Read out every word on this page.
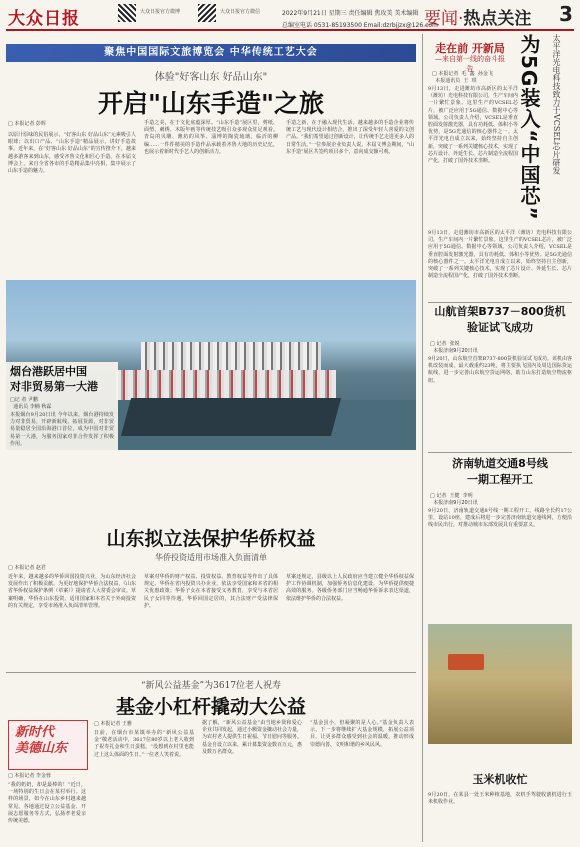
大众日报	大众日报官方微博	大众日报官方微信	2022年9月21日 星期三 责任编辑 焦玫美 美术编辑
总编室电话 0531-85193500 Email:dzrbjjzx@126.com
要闻·热点关注 3
聚焦中国国际文旅博览会 中华传统工艺大会
体验"好客山东 好品山东"
开启"山东手造"之旅
□ 本报记者 彭辉
以原汁原味的民俗展示，“好客山东 好品山东”元素吸引人眼球；以出口产品、“山东手造”精品展示，讲好手造故事。近年来，在“好客山东 好品山东”的宣传推介下，越来越多游客来到山东，感受齐鲁文化和匠心手造。在本届文博会上，来自全省各市的手造精品集中亮相，集中展示了山东手造的魅力。
手造之美，在于文化底蕴深厚。“山东手造”展区里，剪纸、面塑、刺绣、木版年画等传统技艺吸引众多观众驻足观看。青岛的贝雕、潍坊的风筝、淄博的陶瓷琉璃、临沂的柳编……一件件精美的手造作品承载着齐鲁大地的历史记忆，也展示着新时代手艺人的创新活力。
手造之新，在于融入现代生活。越来越多的手造企业将传统工艺与现代设计相结合，推出了深受年轻人喜爱的文创产品。“我们希望通过创新设计，让传统手艺走进更多人的日常生活。”一位参展企业负责人说。本届文博会期间，“山东手造”展区共签约项目多个，意向成交额可观。
烟台港跃居中国
对非贸易第一大港
□记 者 尹鹏
通讯员 李楠 秋霖
本报烟台9月20日讯 今年以来，烟台港持续发力对非贸易，开辟新航线，拓展货源，对非贸易量稳居全国沿海港口首位，成为中国对非贸易第一大港，为服务国家对非合作发挥了积极作用。
山东拟立法保护华侨权益
华侨投资适用市场准入负面清单
□ 本报记者 赵君
近年来，越来越多的华侨回国投资兴业，为山东经济社会发展作出了积极贡献。为更好地保护华侨合法权益，《山东省华侨权益保护条例（草案）》提请省人大常委会审议。草案明确，华侨在山东投资，适用国家和本省关于外商投资的有关规定，享受市场准入负面清单管理。
草案对华侨的财产权益、投资权益、教育权益等作出了具体规定。华侨在省内投资兴办企业，依法享受国家和本省的相关优惠政策；华侨子女在本省接受义务教育，享受与本省居民子女同等待遇。华侨回国定居的，其合法财产受法律保护。
草案还规定，县级以上人民政府应当建立健全华侨权益保护工作协调机制，加强侨务信息化建设，为华侨提供便捷高效的服务。各级侨务部门应当畅通华侨诉求表达渠道，依法维护华侨的合法权益。
“新风公益基金”为3617位老人祝寿
基金小杠杆撬动大公益
新时代
美德山东
□ 本报记者 李金蓉
“我的奶奶，却是最棒的！”近日，一场特别的生日会在某村举行。这样的场景，如今在山东乡村越来越常见。各地通过设立公益基金、开展志愿服务等方式，弘扬孝老爱亲传统美德。
□ 本报记者 王雅
日前，在烟台市某镇举办的“新风公益基金”敬老活动中，3617位80岁以上老人收到了祝寿礼金和生日蛋糕。“没想到在村里也能过上这么体面的生日。”一位老人笑着说。
据了解，“新风公益基金”由当地乡贤和爱心企业共同发起，通过小额资金撬动社会力量，为农村老人提供生日祝福、节日慰问等服务。基金自设立以来，累计募集资金数百万元，惠及数万名群众。
“基金虽小，但凝聚的是人心。”基金负责人表示，下一步将继续扩大基金规模，拓展公益项目，让更多群众感受到社会的温暖，推动形成崇德向善、文明和谐的乡风民风。
走在前 开新局
—来自第一线的奋斗报告	为5G装入“中国芯”	太平洋光电科技致力于VCSEL芯片研发
□ 本报记者  毛  鑫  孙金飞
本报通讯员  王  琪
9月13日，走进潍坊市高新区的太平洋（潍坊）光电科技有限公司，生产车间内一片繁忙景象。这里生产的VCSEL芯片，被广泛应用于5G通信、数据中心等领域。公司负责人介绍，VCSEL是垂直腔面发射激光器，具有功耗低、体积小等优势，是5G光通信的核心器件之一。太平洋光电自成立以来，始终坚持自主创新，突破了一系列关键核心技术，实现了芯片设计、外延生长、芯片制造全流程国产化，打破了国外技术垄断。
9月13日，走进潍坊市高新区的太平洋（潍坊）光电科技有限公司，生产车间内一片繁忙景象。这里生产的VCSEL芯片，被广泛应用于5G通信、数据中心等领域。公司负责人介绍，VCSEL是垂直腔面发射激光器，具有功耗低、体积小等优势，是5G光通信的核心器件之一。太平洋光电自成立以来，始终坚持自主创新，突破了一系列关键核心技术，实现了芯片设计、外延生长、芯片制造全流程国产化，打破了国外技术垄断。
山航首架B737－800货机
验证试飞成功
□ 记者  张锐
本报济南9月20日讯
9月20日，山东航空首架B737-800货机验证试飞成功。该机由客机改装而成，最大载重约23吨，将主要执飞国内及周边国际货运航线，进一步完善山东航空货运网络，助力山东打造航空物流枢纽。
济南轨道交通8号线
一期工程开工
□ 记者  王健  李明
本报济南9月20日讯
9月20日，济南轨道交通8号线一期工程开工。线路全长约17公里，设站10座，建成后将进一步完善济南轨道交通线网，方便沿线市民出行，对推动城市东部发展具有重要意义。
玉米机收忙
9月20日，在某县一处玉米种植基地，农机手驾驶收割机进行玉米机收作业。
